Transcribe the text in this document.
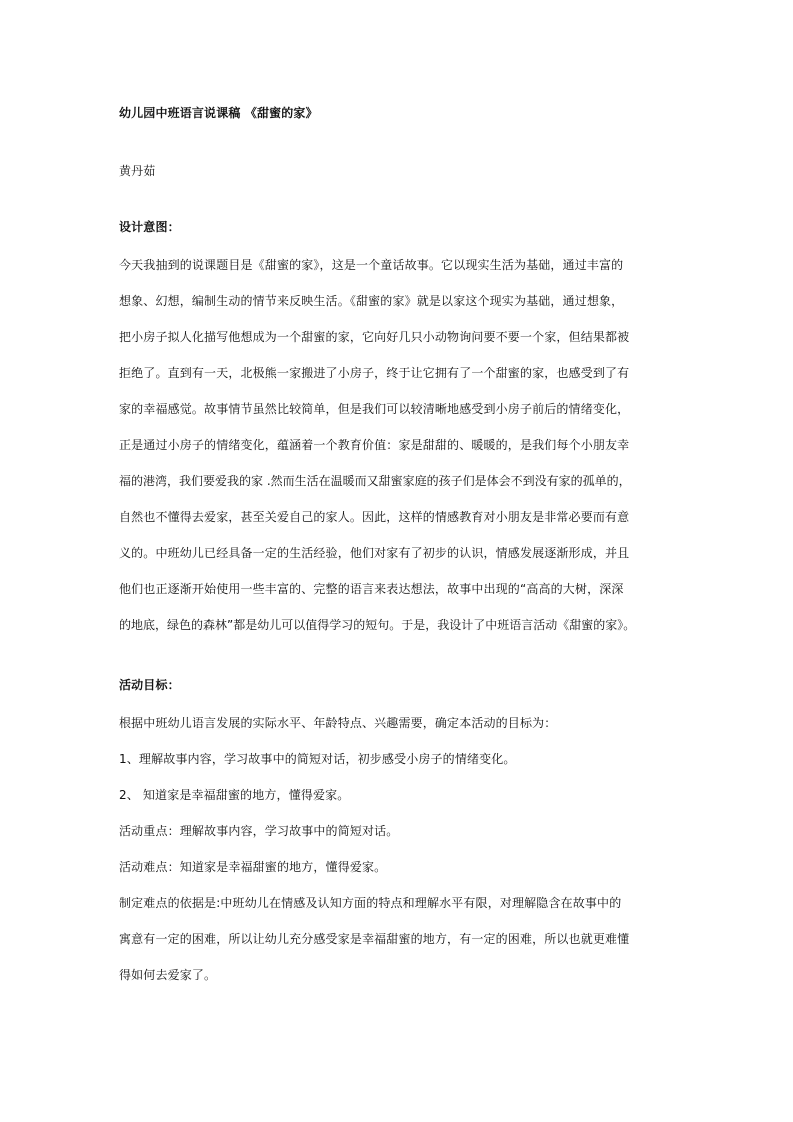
幼儿园中班语言说课稿 《甜蜜的家》
黄丹茹
设计意图：
今天我抽到的说课题目是《甜蜜的家》，这是一个童话故事。它以现实生活为基础，通过丰富的
想象、幻想，编制生动的情节来反映生活。《甜蜜的家》就是以家这个现实为基础，通过想象，
把小房子拟人化描写他想成为一个甜蜜的家，它向好几只小动物询问要不要一个家，但结果都被
拒绝了。直到有一天，北极熊一家搬进了小房子，终于让它拥有了一个甜蜜的家，也感受到了有
家的幸福感觉。故事情节虽然比较简单，但是我们可以较清晰地感受到小房子前后的情绪变化，
正是通过小房子的情绪变化，蕴涵着一个教育价值：家是甜甜的、暖暖的，是我们每个小朋友幸
福的港湾，我们要爱我的家 .然而生活在温暖而又甜蜜家庭的孩子们是体会不到没有家的孤单的，
自然也不懂得去爱家，甚至关爱自己的家人。因此，这样的情感教育对小朋友是非常必要而有意
义的。中班幼儿已经具备一定的生活经验，他们对家有了初步的认识，情感发展逐渐形成，并且
他们也正逐渐开始使用一些丰富的、完整的语言来表达想法，故事中出现的“高高的大树，深深
的地底，绿色的森林”都是幼儿可以值得学习的短句。于是，我设计了中班语言活动《甜蜜的家》。
活动目标：
根据中班幼儿语言发展的实际水平、年龄特点、兴趣需要，确定本活动的目标为：
1、理解故事内容，学习故事中的简短对话，初步感受小房子的情绪变化。
2、 知道家是幸福甜蜜的地方，懂得爱家。
活动重点：理解故事内容，学习故事中的简短对话。
活动难点：知道家是幸福甜蜜的地方，懂得爱家。
制定难点的依据是:中班幼儿在情感及认知方面的特点和理解水平有限，对理解隐含在故事中的
寓意有一定的困难，所以让幼儿充分感受家是幸福甜蜜的地方，有一定的困难，所以也就更难懂
得如何去爱家了。
